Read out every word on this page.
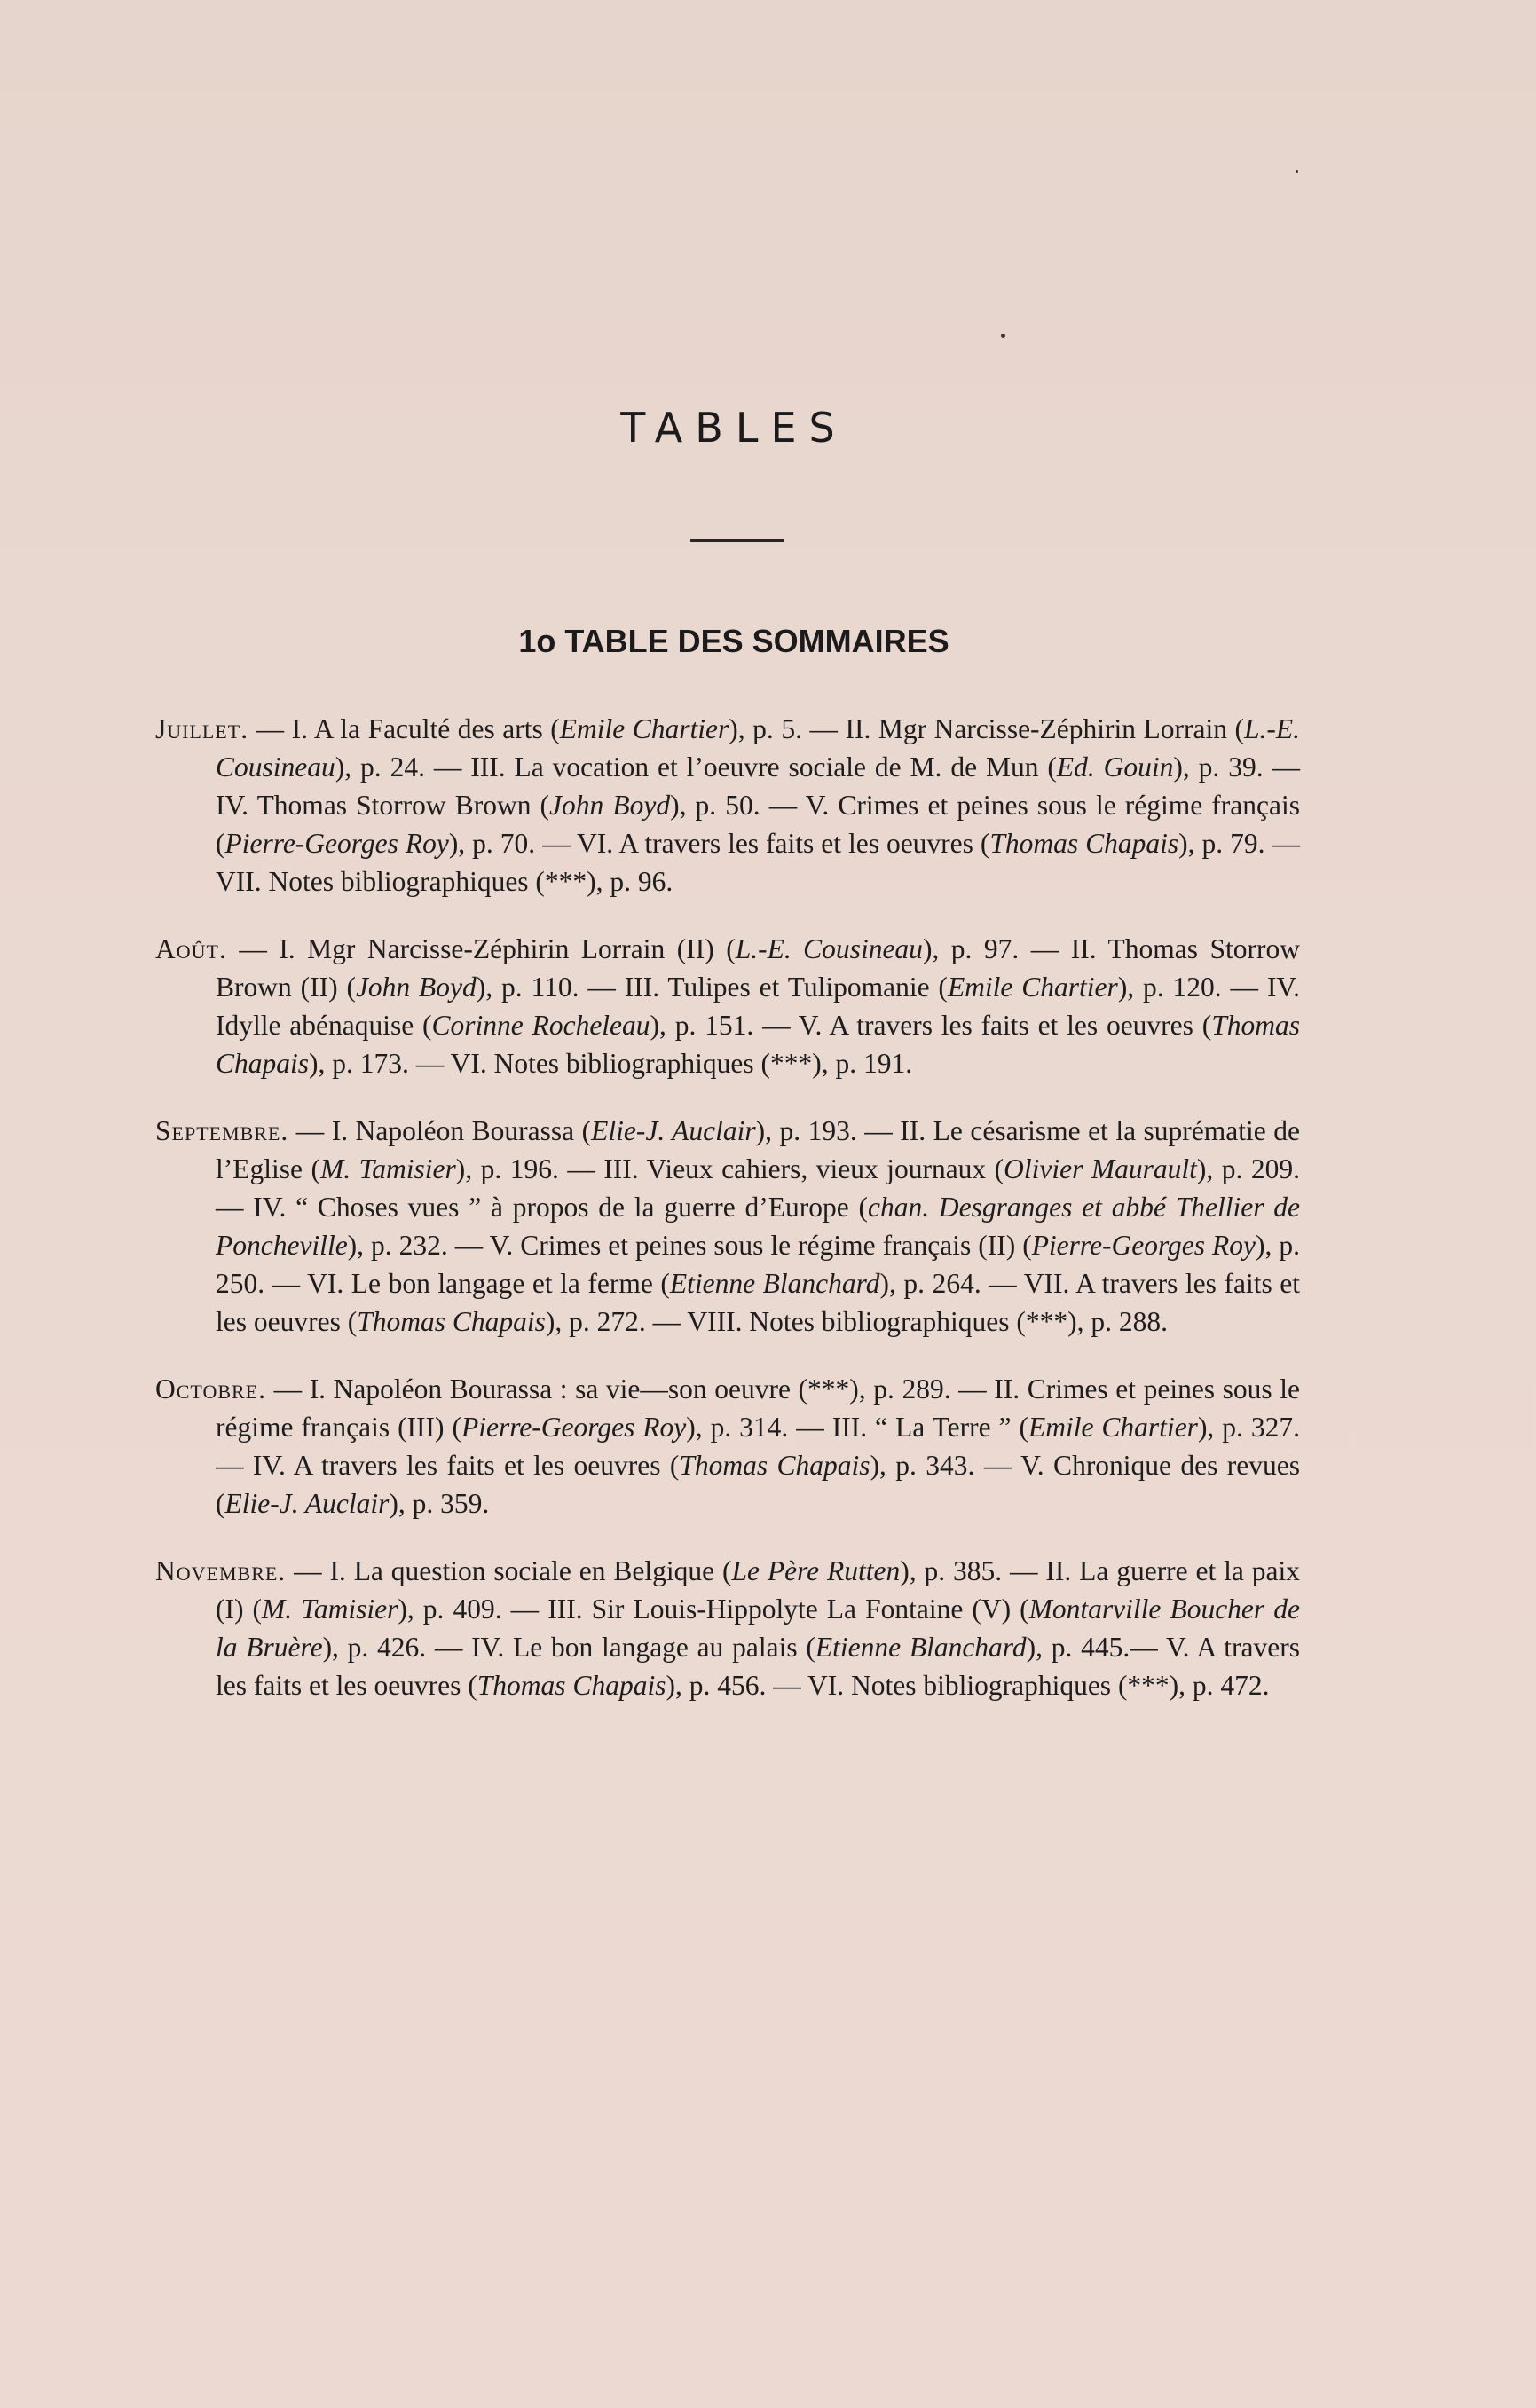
TABLES
1o TABLE DES SOMMAIRES
Juillet. — I. A la Faculté des arts (Emile Chartier), p. 5. — II. Mgr Narcisse-Zéphirin Lorrain (L.-E. Cousineau), p. 24. — III. La vocation et l’oeuvre sociale de M. de Mun (Ed. Gouin), p. 39. — IV. Thomas Storrow Brown (John Boyd), p. 50. — V. Crimes et peines sous le régime français (Pierre-Georges Roy), p. 70. — VI. A travers les faits et les oeuvres (Thomas Chapais), p. 79. — VII. Notes bibliographiques (***), p. 96.
Août. — I. Mgr Narcisse-Zéphirin Lorrain (II) (L.-E. Cousineau), p. 97. — II. Thomas Storrow Brown (II) (John Boyd), p. 110. — III. Tulipes et Tulipomanie (Emile Chartier), p. 120. — IV. Idylle abénaquise (Corinne Rocheleau), p. 151. — V. A travers les faits et les oeuvres (Thomas Chapais), p. 173. — VI. Notes bibliographiques (***), p. 191.
Septembre. — I. Napoléon Bourassa (Elie-J. Auclair), p. 193. — II. Le césarisme et la suprématie de l’Eglise (M. Tamisier), p. 196. — III. Vieux cahiers, vieux journaux (Olivier Maurault), p. 209. — IV. “ Choses vues ” à propos de la guerre d’Europe (chan. Desgranges et abbé Thellier de Poncheville), p. 232. — V. Crimes et peines sous le régime français (II) (Pierre-Georges Roy), p. 250. — VI. Le bon langage et la ferme (Etienne Blanchard), p. 264. — VII. A travers les faits et les oeuvres (Thomas Chapais), p. 272. — VIII. Notes bibliographiques (***), p. 288.
Octobre. — I. Napoléon Bourassa : sa vie—son oeuvre (***), p. 289. — II. Crimes et peines sous le régime français (III) (Pierre-Georges Roy), p. 314. — III. “ La Terre ” (Emile Chartier), p. 327. — IV. A travers les faits et les oeuvres (Thomas Chapais), p. 343. — V. Chronique des revues (Elie-J. Auclair), p. 359.
Novembre. — I. La question sociale en Belgique (Le Père Rutten), p. 385. — II. La guerre et la paix (I) (M. Tamisier), p. 409. — III. Sir Louis-Hippolyte La Fontaine (V) (Montarville Boucher de la Bruère), p. 426. — IV. Le bon langage au palais (Etienne Blanchard), p. 445.— V. A travers les faits et les oeuvres (Thomas Chapais), p. 456. — VI. Notes bibliographiques (***), p. 472.
